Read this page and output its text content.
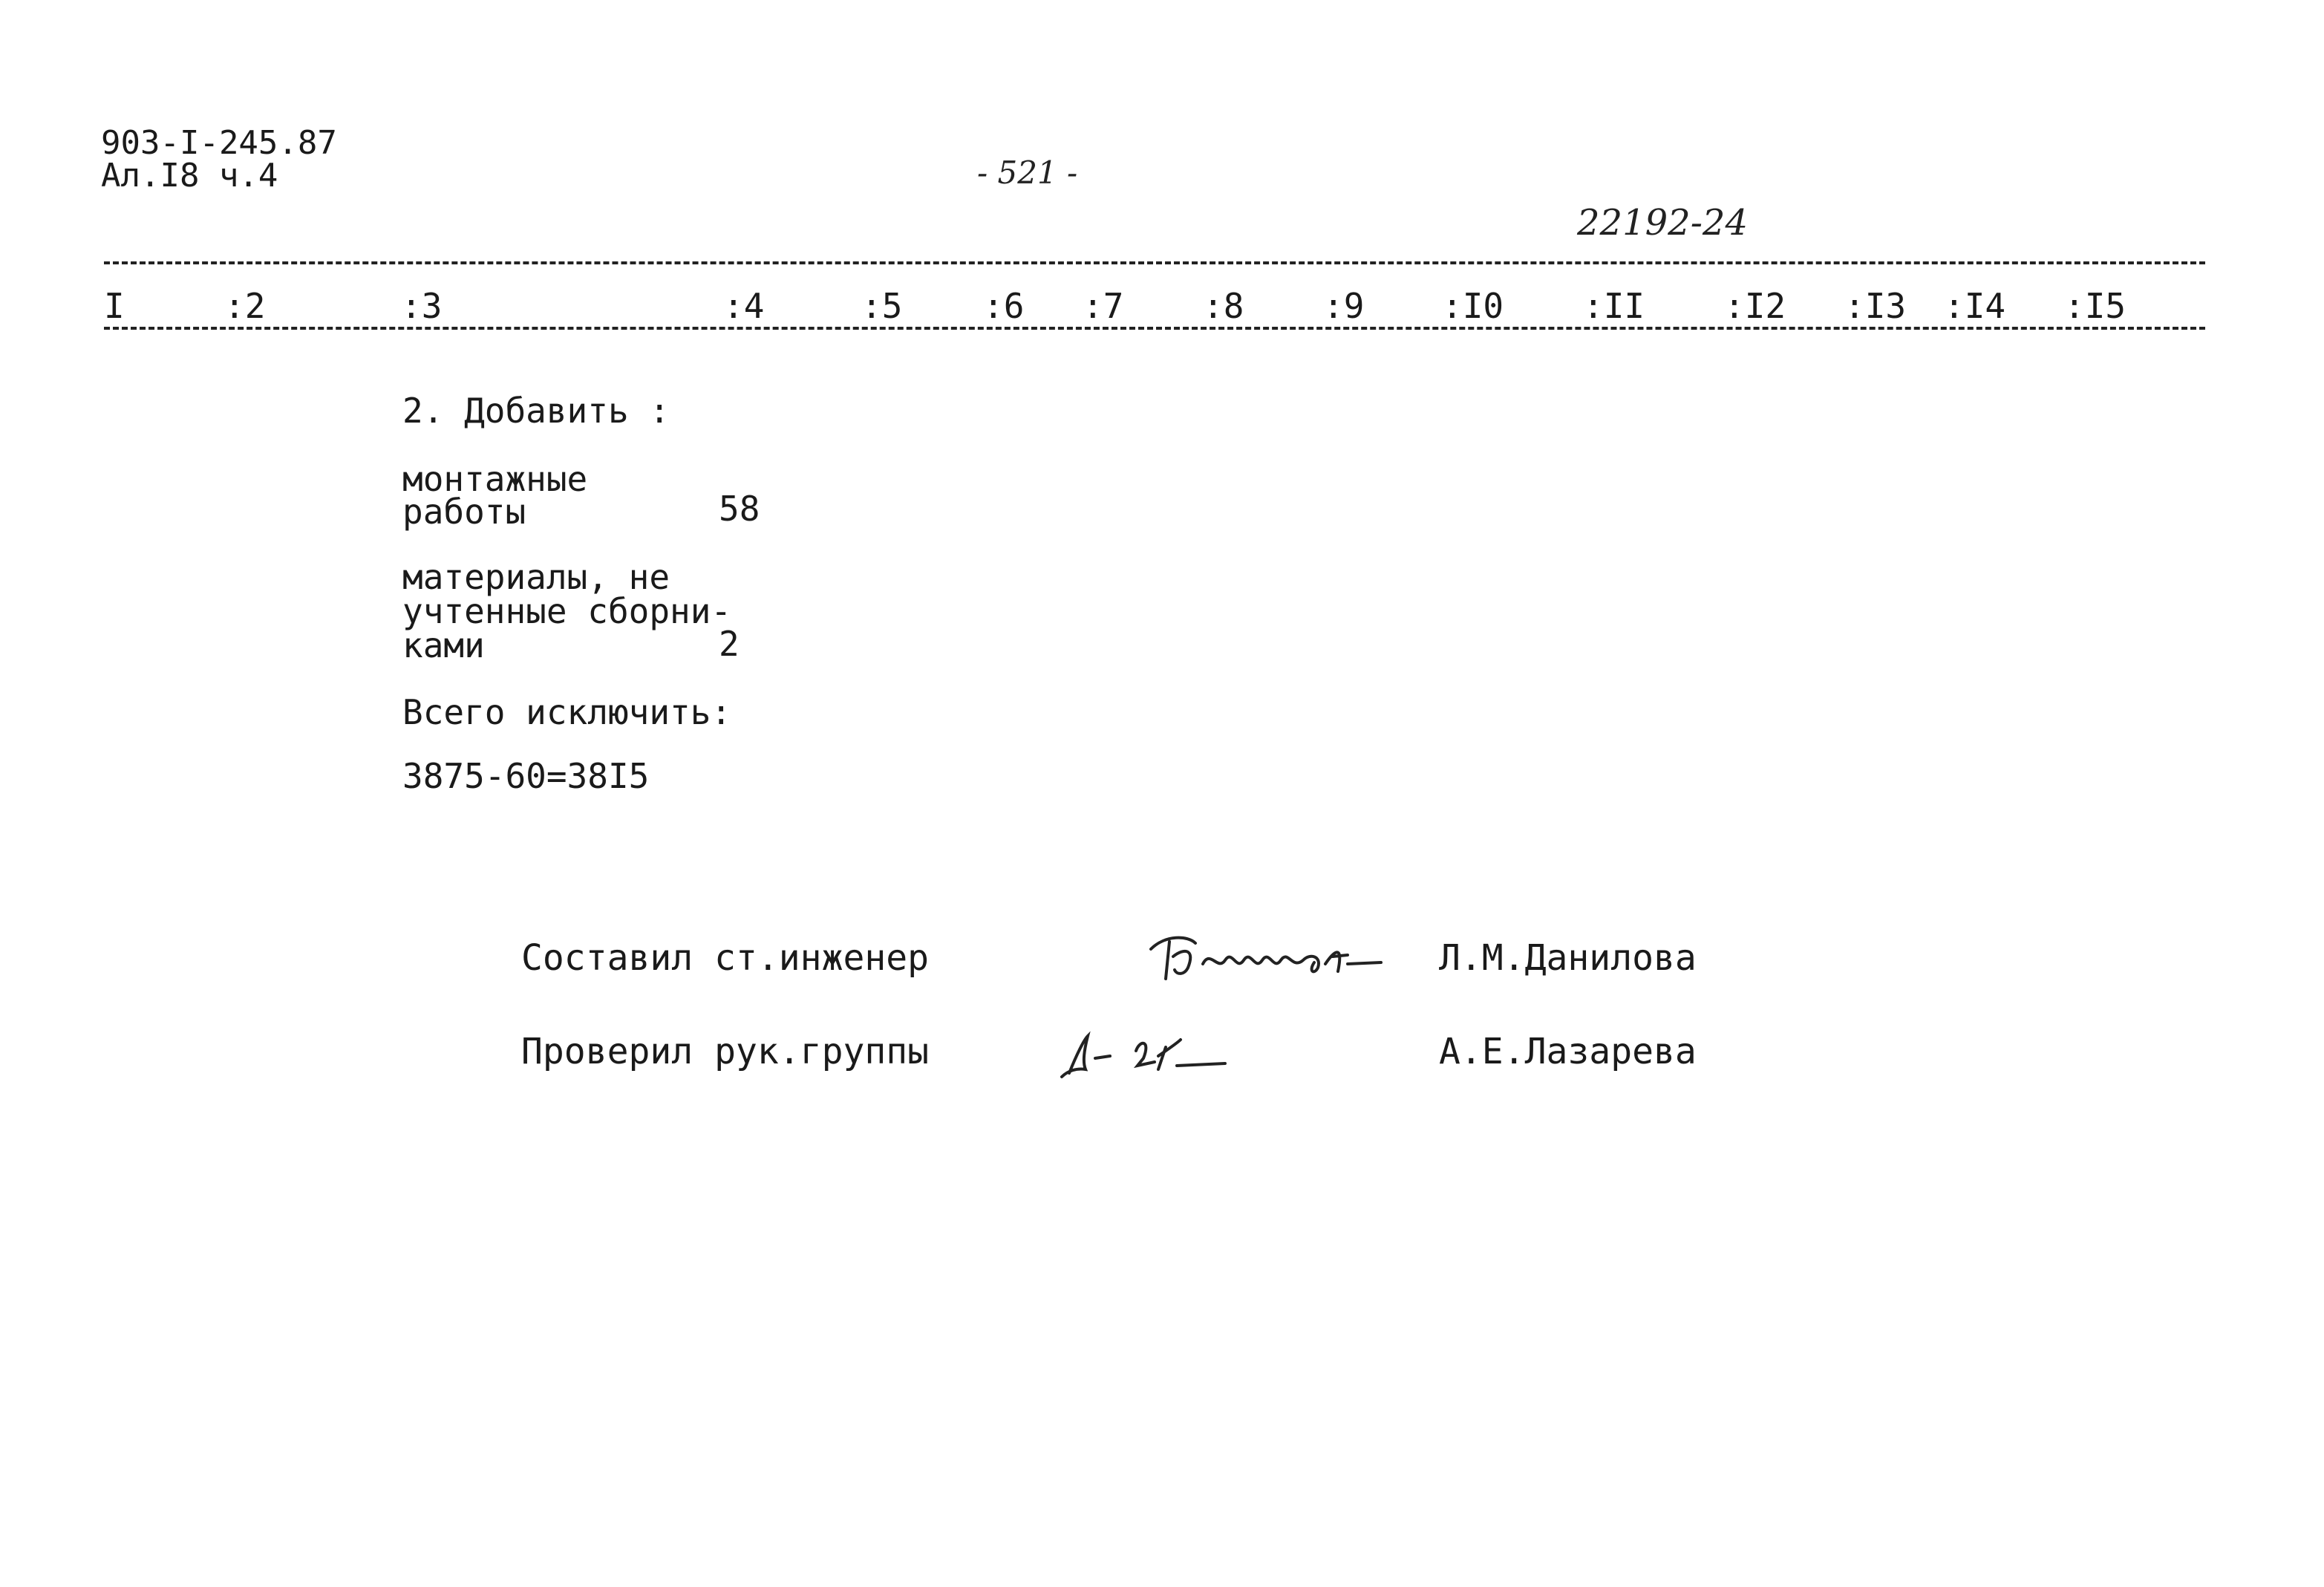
903-I-245.87
Ал.I8 ч.4	- 521 -
22192-24
I	:2	:3	:4	:5 :6 :7 :8 :9 :I0 :II :I2 :I3 :I4 :I5
2. Добавить :
монтажные
работы	58
материалы, не
учтенные сборни-
ками	2
Всего исключить:
3875-60=38I5
Составил ст.инженер	Л.М.Данилова
Проверил рук.группы	А.Е.Лазарева
